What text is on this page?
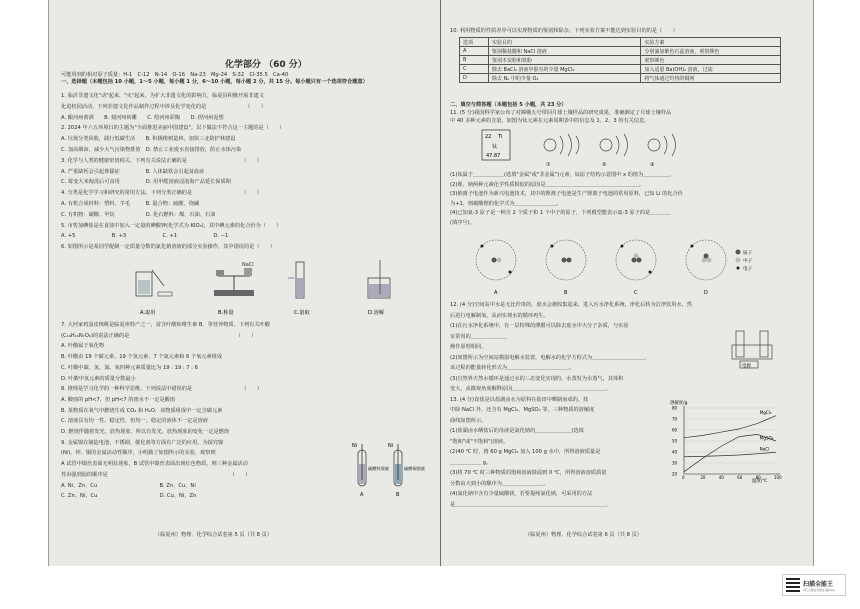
化学部分 （60 分）
可能用到的相对原子质量：H-1　C-12　N-14　O-16　Na-23　Mg-24　S-32　Cl-35.5　Ca-40
一、选择题（本题包括 10 小题，1～5 小题，每小题 1 分，6～10 小题，每小题 2 分，共 15 分。每小题只有一个选项符合题意）
1. 临沂非遗文化"动"起来，"火"起来，为扩大非遗文化的影响力，临夏县积极开展非遗文
化进校园活动。下列非遗文化作品制作过程中涉及化学变化的是　　　　　　　　（　　）
A. 酿河州黄酒　　B. 刻河州砖雕　　C. 绘河州彩陶　　D. 捏河州泥塑
2. 2024 年六五环境日的主题为"全面推进美丽中国建设"。以下做法不符合这一主题的是（　　）
A. 垃圾分类回收，践行低碳生活　　B. 积极植树造林，加快三北防护林建设
C. 加高烟囱，减少大气污染物排放　D. 禁止工业废水直接排放，防止水体污染
3. 化学与人类的健康密切相关。下列有关说法正确的是　　　　　　　　　　　（　　）
A. 严重缺钙会引起侏儒症　　　　　B. 人体缺铁会引起贫血症
C. 霉变大米淘洗后可食用　　　　　D. 用甲醛溶液浸泡海产品延长保质期
4. 分类是化学学习和研究的常用方法。下列分类正确的是　　　　　　　　　　（　　）
A. 有机合成材料：塑料、羊毛　　　B. 混合物：硫酸、烧碱
C. 有机物：碳酸、甲烷　　　　　　D. 化石燃料：煤、石油、石油
5. 市售加碘盐是在食盐中加入一定量的碘酸钾(化学式为 KIO₃)，其中碘元素的化合价为（　　）
A. +5　　　　　　　B. +3　　　　　　　C. +1　　　　　　　D. −1
6. 如图所示是某同学配制一定质量分数的氯化钠溶液的部分实验操作，其中错误的是（　　）
NaCl
A.取用	B.称量	C.量取	D.溶解
7. 大河家鸡蛋皮核桃是临夏州特产之一，富含叶酸和维生素 B、等营养物质。下列有关叶酸
(C₁₉H₁₉N₇O₆)的说法正确的是　　　　　　　　　　　　　　　　　　　　　（　　）
A. 叶酸属于氧化物
B. 叶酸由 19 个碳元素、19 个氢元素、7 个氮元素和 6 个氧元素组成
C. 叶酸中碳、氢、氮、氧四种元素质量比为 19 : 19 : 7 : 6
D. 叶酸中氢元素的质量分数最小
8. 推理是学习化学的一种科学思维。下列说法中错误的是　　　　　　　　　　（　　）
A. 酸雨的 pH<7，但 pH<7 的雨水不一定是酸雨
B. 某物质在氧气中燃烧生成 CO₂ 和 H₂O，该物质组成中一定含碳元素
C. 溶液具有均一性、稳定性，但均一、稳定的液体不一定是溶液
D. 燃烧伴随着发光、放热现象，所以有发光、放热现象的变化一定是燃烧
9. 金属镍在制造电池、不锈钢、催化剂等方面有广泛的应用。为探究镍
(Ni)、锌、铜的金属活动性顺序，小明做了如图所示的实验，观察到
A 试管中镍丝表面无明显现象，B 试管中镍丝表面出现红色物质，则三种金属活动
性由强到弱的顺序是　　　　　　　　　　　　　　　　　　　　　　　　（　　）
A. Ni、Zn、Cu　　　　　　　　　　　　B. Zn、Cu、Ni
C. Zn、Ni、Cu　　　　　　　　　　　　D. Cu、Ni、Zn
Ni	Ni
硫酸锌溶液	硫酸铜溶液
A	B
10. 利用物质的性质差异可以实现物质的鉴别和除杂。下列实验方案不能达到实验目的的是（　　）
选项	实验目的	实验方案
A	鉴别稀盐酸和 NaCl 溶液	分别滴加紫色石蕊溶液，观察颜色
B	鉴别木炭粉和铁粉	观察颜色
C	除去 BaCl₂ 溶液中混有的少量 MgCl₂	加入适量 Ba(OH)₂ 溶液，过滤
D	除去 N₂ 中的少量 O₂	将气体通过灼热的铜网
二、填空与简答题（本题包括 5 小题，共 23 分）
11. (5 分)我国科学家公布了对嫦娥五号带回月球土壤样品的研究成果，准确测定了月球土壤样品
中 40 多种元素的含量。如图为钛元素在元素周期表中的信息及 1、2、3 的有关信息。
22 Ti
钛
47.87
①	②	③
(1)钛属于＿＿＿＿＿＿(选填"金属"或"非金属")元素，钛原子结构示意图中 x 的值为＿＿＿＿＿。
(2)锂、钠两种元素化学性质相似的原因是＿＿＿＿＿＿＿＿＿＿＿＿＿＿＿＿＿＿。
(3)钠离子电池作为新兴电池技术，其中的锂离子电池是生产锂离子电池的常用原料，已知 Li 的化合价
为+1，则碳酸锂的化学式为＿＿＿＿＿＿＿＿。
(4)已知氦-3 原子是一种含 2 个质子和 1 个中子的原子，下列模型能表示氦-3 原子的是＿＿＿＿
(填序号)。
A	B	C	D
质子
中子
电子
12. (4 分)空间站中水是无比珍贵的，废水会被收集起来，进入污水净化系统，净化后转为洁净饮用水，然
后进行电解制氧，从而实现水的循环再生。
(1)在污水净化系统中，有一层特殊的薄膜可以除去废水中大分子杂质，与实验
室常用的＿＿＿＿＿＿＿
操作原理相同。
(2)如图所示为空间站模拟电解水装置，电解水的化学方程式为＿＿＿＿＿＿＿＿＿＿，
该过程的能量转化形式为＿＿＿＿＿＿＿＿＿＿＿＿。
(3)自然界天然水循环是通过水的三态变化实现的，水蒸发为水蒸气，其体积
变大，从微观角度解释原因＿＿＿＿＿＿＿＿＿＿＿＿＿＿＿＿＿＿。
13. (4 分)食盐是以盐湖卤水为原料在盐田中晒制而成的。盐
中除 NaCl 外，还含有 MgCl₂、MgSO₄ 等，三种物质的溶解度
曲线如图所示。
(1)盐湖卤水晒盐后的母液是氯化钠的＿＿＿＿＿＿＿(选填
"饱和"或"不饱和")溶液。
(2)40 ℃ 时，将 60 g MgCl₂ 加入 100 g 水中，所得溶液质量是
＿＿＿＿＿＿ g。
(3)将 70 ℃ 时三种物质的饱和溶液降温到 0 ℃，所得溶液溶质质量
分数由大到小的顺序为＿＿＿＿＿＿＿＿。
(4)氯化钠中含有少量硫酸镁，若要提纯氯化钠，可采用的方法
是＿＿＿＿＿＿＿＿＿＿＿＿＿＿＿＿＿＿＿＿＿＿＿＿＿＿＿＿＿。
电源
溶解度/g
温度/℃
80
70
60
50
40
30
20
0	20	40	60	80	100
MgCl₂
MgSO₄
NaCl
（临夏州）物理、化学综合试卷第 5 页（共 8 页）	（临夏州）物理、化学综合试卷第 6 页（共 8 页）
扫描全能王
3亿人都在用的扫描App
